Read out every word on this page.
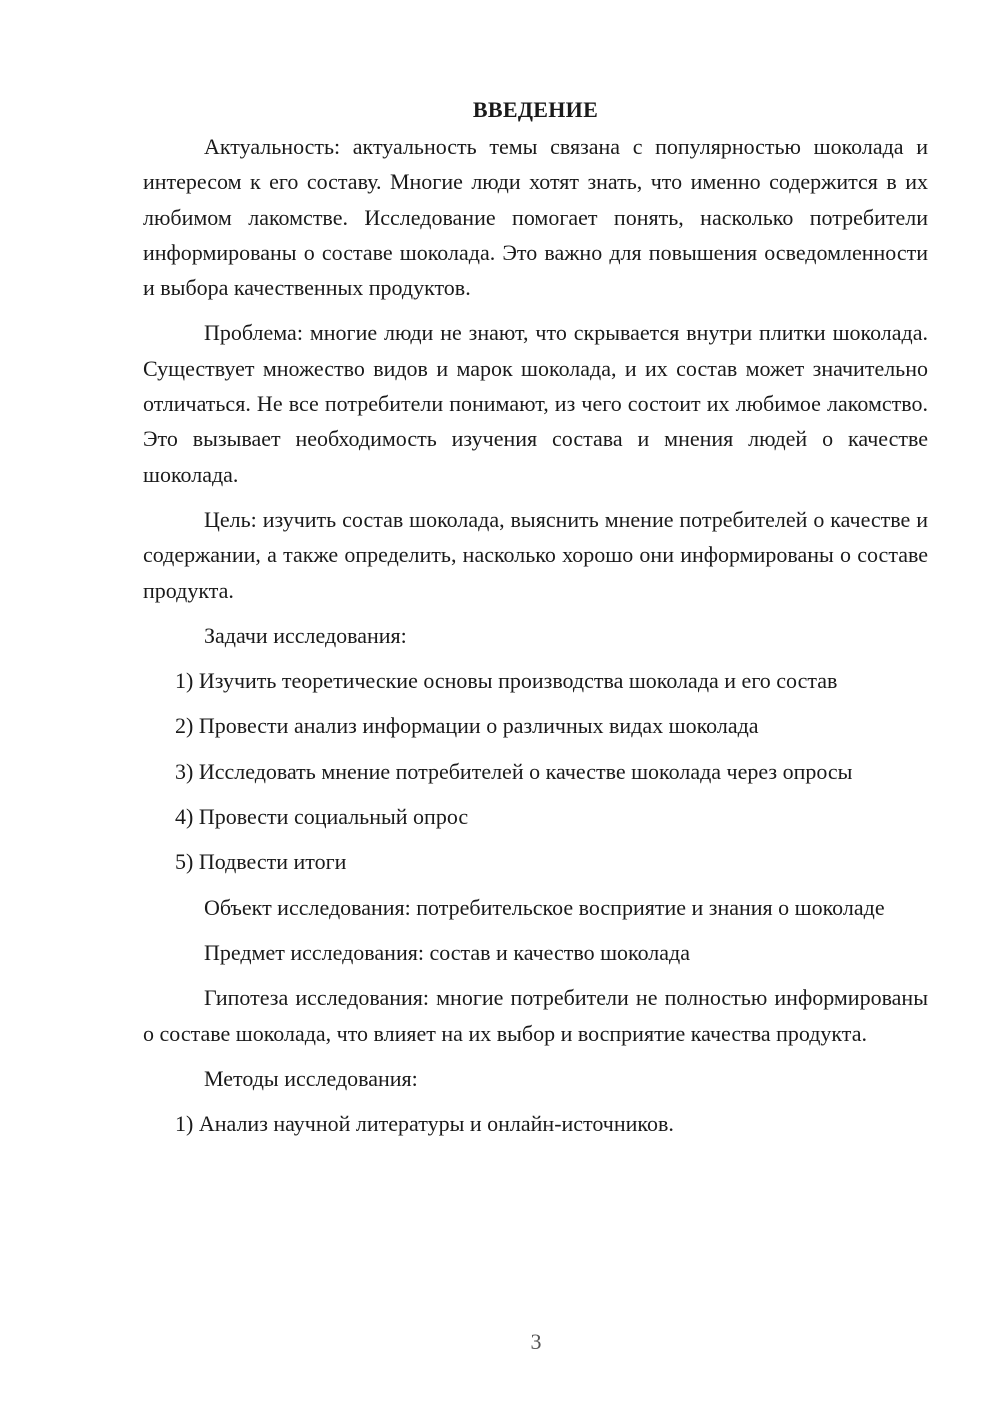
ВВЕДЕНИЕ

Актуальность: актуальность темы связана с популярностью шоколада и интересом к его составу. Многие люди хотят знать, что именно содержится в их любимом лакомстве. Исследование помогает понять, насколько потребители информированы о составе шоколада. Это важно для повышения осведомленности и выбора качественных продуктов.

Проблема: многие люди не знают, что скрывается внутри плитки шоколада. Существует множество видов и марок шоколада, и их состав может значительно отличаться. Не все потребители понимают, из чего состоит их любимое лакомство. Это вызывает необходимость изучения состава и мнения людей о качестве шоколада.

Цель: изучить состав шоколада, выяснить мнение потребителей о качестве и содержании, а также определить, насколько хорошо они информированы о составе продукта.

Задачи исследования:

1) Изучить теоретические основы производства шоколада и его состав

2) Провести анализ информации о различных видах шоколада

3) Исследовать мнение потребителей о качестве шоколада через опросы

4) Провести социальный опрос

5) Подвести итоги

Объект исследования: потребительское восприятие и знания о шоколаде

Предмет исследования: состав и качество шоколада

Гипотеза исследования: многие потребители не полностью информированы о составе шоколада, что влияет на их выбор и восприятие качества продукта.

Методы исследования:

1) Анализ научной литературы и онлайн-источников.

3
